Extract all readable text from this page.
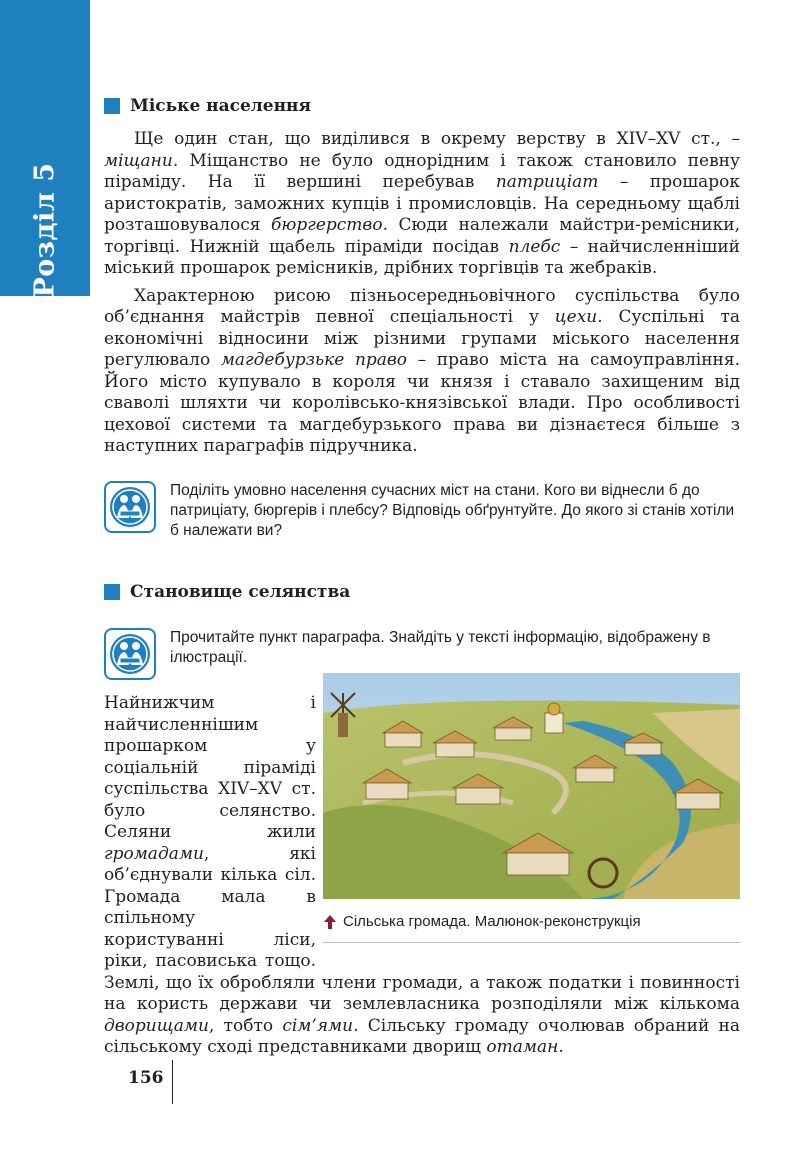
Розділ 5
Міське населення

Ще один стан, що виділився в окрему верству в XIV–XV ст., – міщани. Міщанство не було однорідним і також становило певну піраміду. На її вершині перебував патриціат – прошарок аристократів, заможних купців і промисловців. На середньому щаблі розташовувалося бюргерство. Сюди належали майстри-ремісники, торгівці. Нижній щабель піраміди посідав плебс – найчисленніший міський прошарок ремісників, дрібних торгівців та жебраків.

Характерною рисою пізньосередньовічного суспільства було об’єднання майстрів певної спеціальності у цехи. Суспільні та економічні відносини між різними групами міського населення регулювало магдебурзьке право – право міста на самоуправління. Його місто купувало в короля чи князя і ставало захищеним від сваволі шляхти чи королівсько-князівської влади. Про особливості цехової системи та магдебурзького права ви дізнаєтеся більше з наступних параграфів підручника.

Поділіть умовно населення сучасних міст на стани. Кого ви віднесли б до патриціату, бюргерів і плебсу? Відповідь обґрунтуйте. До якого зі станів хотіли б належати ви?
Становище селянства
Прочитайте пункт параграфа. Знайдіть у тексті інформацію, відображену в ілюстрації.

Найнижчим і найчисленнішим прошарком у соціальній піраміді суспільства XIV–XV ст. було селянство. Селяни жили громадами, які об’єднували кілька сіл. Громада мала в спільному користуванні ліси, ріки, пасовиська тощо. Землі, що їх обробляли члени громади, а також податки і повинності на користь держави чи землевласника розподіляли між кількома дворищами, тобто сім’ями. Сільську громаду очолював обраний на сільському сході представниками дворищ отаман.

Сільська громада. Малюнок-реконструкція
156
